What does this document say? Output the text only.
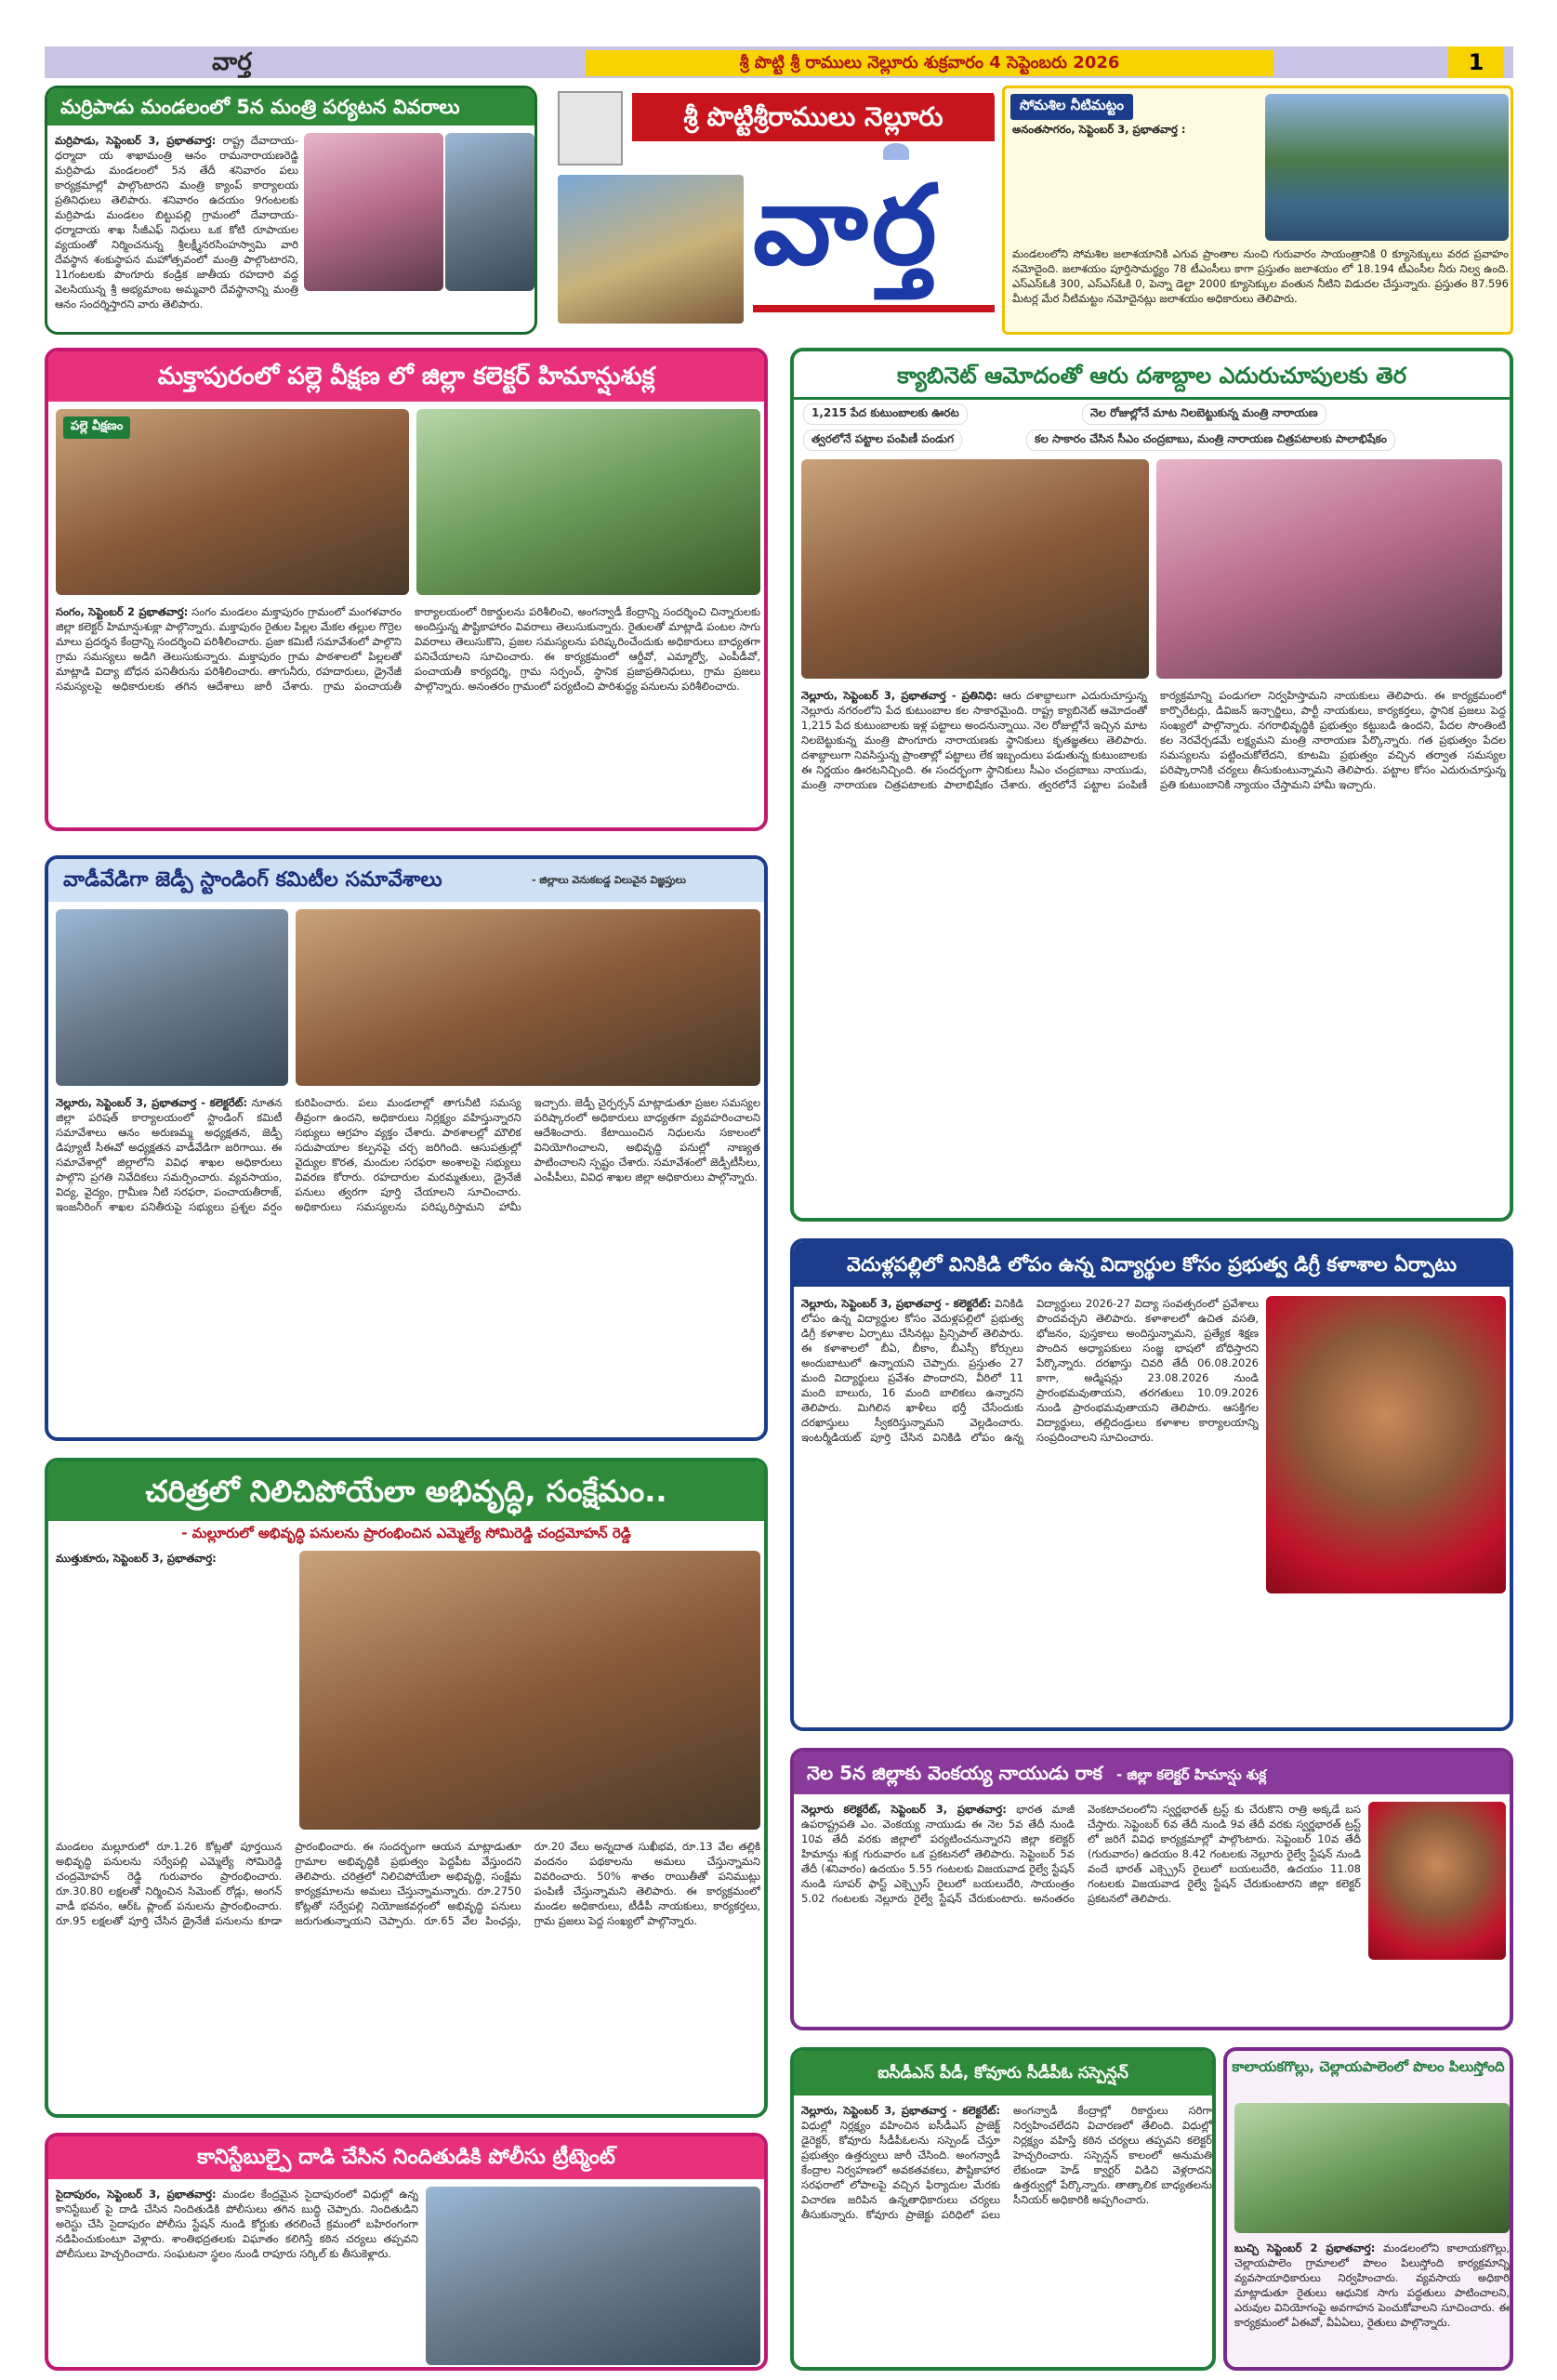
వార్త	శ్రీ పొట్టి శ్రీ రాములు నెల్లూరు శుక్రవారం 4 సెప్టెంబరు 2026	1
మర్రిపాడు మండలంలో 5న మంత్రి పర్యటన వివరాలు
మర్రిపాడు, సెప్టెంబర్ 3, ప్రభాతవార్త: రాష్ట్ర దేవాదాయ- ధర్మాదా య శాఖామంత్రి ఆనం రామనారాయణరెడ్డి మర్రిపాడు మండలంలో 5న తేదీ శనివారం పలు కార్యక్రమాల్లో పాల్గొంటారని మంత్రి క్యాంప్ కార్యాలయ ప్రతినిధులు తెలిపారు. శనివారం ఉదయం 9గంటలకు మర్రిపాడు మండలం బిట్టుపల్లి గ్రామంలో దేవాదాయ-ధర్మాదాయ శాఖ సీజీఎఫ్ నిధులు ఒక కోటి రూపాయల వ్యయంతో నిర్మించనున్న శ్రీలక్ష్మీనరసింహస్వామి వారి దేవస్థాన శంకుస్థాపన మహోత్సవంలో మంత్రి పాల్గొంటారని, 11గంటలకు పొంగూరు కండ్రిక జాతీయ రహదారి వద్ద వెలసియున్న శ్రీ అభ్యమాంబ అమ్మవారి దేవస్థానాన్ని మంత్రి ఆనం సందర్శిస్తారని వారు తెలిపారు.
శ్రీ పొట్టిశ్రీరాములు నెల్లూరు
వార్త
సోమశిల నీటిమట్టం
అనంతసాగరం, సెప్టెంబర్ 3, ప్రభాతవార్త :
మండలంలోని సోమశిల జలాశయానికి ఎగువ ప్రాంతాల నుంచి గురువారం సాయంత్రానికి 0 క్యూసెక్కులు వరద ప్రవాహం నమోదైంది. జలాశయం పూర్తిసామర్థ్యం 78 టీఎంసీలు కాగా ప్రస్తుతం జలాశయం లో 18.194 టీఎంసీల నీరు నిల్వ ఉంది. ఎస్ఎస్ఓకి 300, ఎస్ఎస్ఓకి 0, పెన్నా డెల్టా 2000 క్యూసెక్కుల వంతున నీటిని విడుదల చేస్తున్నారు. ప్రస్తుతం 87.596 మీటర్ల మేర నీటిమట్టం నమోదైనట్లు జలాశయం అధికారులు తెలిపారు.
మక్తాపురంలో పల్లె వీక్షణ లో జిల్లా కలెక్టర్ హిమాన్షుశుక్ల
పల్లె వీక్షణం
సంగం, సెప్టెంబర్ 2 ప్రభాతవార్త: సంగం మండలం మక్తాపురం గ్రామంలో మంగళవారం జిల్లా కలెక్టర్ హిమాన్షుశుక్లా పాల్గొన్నారు. మక్తాపురం రైతుల పిల్లల మేకల తల్లుల గొర్రెల మాలు ప్రదర్శన కేంద్రాన్ని సందర్శించి పరిశీలించారు. ప్రజా కమిటీ సమావేశంలో పాల్గొని గ్రామ సమస్యలు అడిగి తెలుసుకున్నారు. మక్తాపురం గ్రామ పాఠశాలలో పిల్లలతో మాట్లాడి విద్యా బోధన పనితీరును పరిశీలించారు. తాగునీరు, రహదారులు, డ్రైనేజీ సమస్యలపై అధికారులకు తగిన ఆదేశాలు జారీ చేశారు. గ్రామ పంచాయతీ కార్యాలయంలో రికార్డులను పరిశీలించి, అంగన్వాడీ కేంద్రాన్ని సందర్శించి చిన్నారులకు అందిస్తున్న పౌష్టికాహారం వివరాలు తెలుసుకున్నారు. రైతులతో మాట్లాడి పంటల సాగు వివరాలు తెలుసుకొని, ప్రజల సమస్యలను పరిష్కరించేందుకు అధికారులు బాధ్యతగా పనిచేయాలని సూచించారు. ఈ కార్యక్రమంలో ఆర్డీవో, ఎమ్మార్వో, ఎంపీడీవో, పంచాయతీ కార్యదర్శి, గ్రామ సర్పంచ్, స్థానిక ప్రజాప్రతినిధులు, గ్రామ ప్రజలు పాల్గొన్నారు. అనంతరం గ్రామంలో పర్యటించి పారిశుద్ధ్య పనులను పరిశీలించారు.
క్యాబినెట్ ఆమోదంతో ఆరు దశాబ్దాల ఎదురుచూపులకు తెర
1,215 పేద కుటుంబాలకు ఊరట	నెల రోజుల్లోనే మాట నిలబెట్టుకున్న మంత్రి నారాయణ
త్వరలోనే పట్టాల పంపిణీ పండుగ	కల సాకారం చేసిన సీఎం చంద్రబాబు, మంత్రి నారాయణ చిత్రపటాలకు పాలాభిషేకం
నెల్లూరు, సెప్టెంబర్ 3, ప్రభాతవార్త - ప్రతినిధి: ఆరు దశాబ్దాలుగా ఎదురుచూస్తున్న నెల్లూరు నగరంలోని పేద కుటుంబాల కల సాకారమైంది. రాష్ట్ర క్యాబినెట్ ఆమోదంతో 1,215 పేద కుటుంబాలకు ఇళ్ల పట్టాలు అందనున్నాయి. నెల రోజుల్లోనే ఇచ్చిన మాట నిలబెట్టుకున్న మంత్రి పొంగూరు నారాయణకు స్థానికులు కృతజ్ఞతలు తెలిపారు. దశాబ్దాలుగా నివసిస్తున్న ప్రాంతాల్లో పట్టాలు లేక ఇబ్బందులు పడుతున్న కుటుంబాలకు ఈ నిర్ణయం ఊరటనిచ్చింది. ఈ సందర్భంగా స్థానికులు సీఎం చంద్రబాబు నాయుడు, మంత్రి నారాయణ చిత్రపటాలకు పాలాభిషేకం చేశారు. త్వరలోనే పట్టాల పంపిణీ కార్యక్రమాన్ని పండుగలా నిర్వహిస్తామని నాయకులు తెలిపారు. ఈ కార్యక్రమంలో కార్పొరేటర్లు, డివిజన్ ఇన్చార్జిలు, పార్టీ నాయకులు, కార్యకర్తలు, స్థానిక ప్రజలు పెద్ద సంఖ్యలో పాల్గొన్నారు. నగరాభివృద్ధికి ప్రభుత్వం కట్టుబడి ఉందని, పేదల సొంతింటి కల నెరవేర్చడమే లక్ష్యమని మంత్రి నారాయణ పేర్కొన్నారు. గత ప్రభుత్వం పేదల సమస్యలను పట్టించుకోలేదని, కూటమి ప్రభుత్వం వచ్చిన తర్వాత సమస్యల పరిష్కారానికి చర్యలు తీసుకుంటున్నామని తెలిపారు. పట్టాల కోసం ఎదురుచూస్తున్న ప్రతి కుటుంబానికి న్యాయం చేస్తామని హామీ ఇచ్చారు.
వాడీవేడిగా జెడ్పీ స్టాండింగ్ కమిటీల సమావేశాలు	- జిల్లాలు వెనుకబడ్డ విలువైన విజ్ఞప్తులు
నెల్లూరు, సెప్టెంబర్ 3, ప్రభాతవార్త - కలెక్టరేట్: నూతన జిల్లా పరిషత్ కార్యాలయంలో స్టాండింగ్ కమిటీ సమావేశాలు ఆనం అరుణమ్మ అధ్యక్షతన, జెడ్పీ డిప్యూటీ సీఈవో అధ్యక్షతన వాడీవేడిగా జరిగాయి. ఈ సమావేశాల్లో జిల్లాలోని వివిధ శాఖల అధికారులు పాల్గొని ప్రగతి నివేదికలు సమర్పించారు. వ్యవసాయం, విద్య, వైద్యం, గ్రామీణ నీటి సరఫరా, పంచాయతీరాజ్, ఇంజనీరింగ్ శాఖల పనితీరుపై సభ్యులు ప్రశ్నల వర్షం కురిపించారు. పలు మండలాల్లో తాగునీటి సమస్య తీవ్రంగా ఉందని, అధికారులు నిర్లక్ష్యం వహిస్తున్నారని సభ్యులు ఆగ్రహం వ్యక్తం చేశారు. పాఠశాలల్లో మౌలిక సదుపాయాల కల్పనపై చర్చ జరిగింది. ఆసుపత్రుల్లో వైద్యుల కొరత, మందుల సరఫరా అంశాలపై సభ్యులు వివరణ కోరారు. రహదారుల మరమ్మతులు, డ్రైనేజీ పనులు త్వరగా పూర్తి చేయాలని సూచించారు. అధికారులు సమస్యలను పరిష్కరిస్తామని హామీ ఇచ్చారు. జెడ్పీ చైర్పర్సన్ మాట్లాడుతూ ప్రజల సమస్యల పరిష్కారంలో అధికారులు బాధ్యతగా వ్యవహరించాలని ఆదేశించారు. కేటాయించిన నిధులను సకాలంలో వినియోగించాలని, అభివృద్ధి పనుల్లో నాణ్యత పాటించాలని స్పష్టం చేశారు. సమావేశంలో జెడ్పీటీసీలు, ఎంపీపీలు, వివిధ శాఖల జిల్లా అధికారులు పాల్గొన్నారు.
వెదుళ్లపల్లిలో వినికిడి లోపం ఉన్న విద్యార్థుల కోసం ప్రభుత్వ డిగ్రీ కళాశాల ఏర్పాటు
నెల్లూరు, సెప్టెంబర్ 3, ప్రభాతవార్త - కలెక్టరేట్: వినికిడి లోపం ఉన్న విద్యార్థుల కోసం వెదుళ్లపల్లిలో ప్రభుత్వ డిగ్రీ కళాశాల ఏర్పాటు చేసినట్లు ప్రిన్సిపాల్ తెలిపారు. ఈ కళాశాలలో బీఏ, బీకాం, బీఎస్సీ కోర్సులు అందుబాటులో ఉన్నాయని చెప్పారు. ప్రస్తుతం 27 మంది విద్యార్థులు ప్రవేశం పొందారని, వీరిలో 11 మంది బాలురు, 16 మంది బాలికలు ఉన్నారని తెలిపారు. మిగిలిన ఖాళీలు భర్తీ చేసేందుకు దరఖాస్తులు స్వీకరిస్తున్నామని వెల్లడించారు. ఇంటర్మీడియట్ పూర్తి చేసిన వినికిడి లోపం ఉన్న విద్యార్థులు 2026-27 విద్యా సంవత్సరంలో ప్రవేశాలు పొందవచ్చని తెలిపారు. కళాశాలలో ఉచిత వసతి, భోజనం, పుస్తకాలు అందిస్తున్నామని, ప్రత్యేక శిక్షణ పొందిన అధ్యాపకులు సంజ్ఞ భాషలో బోధిస్తారని పేర్కొన్నారు. దరఖాస్తు చివరి తేదీ 06.08.2026 కాగా, అడ్మిషన్లు 23.08.2026 నుండి ప్రారంభమవుతాయని, తరగతులు 10.09.2026 నుండి ప్రారంభమవుతాయని తెలిపారు. ఆసక్తిగల విద్యార్థులు, తల్లిదండ్రులు కళాశాల కార్యాలయాన్ని సంప్రదించాలని సూచించారు.
చరిత్రలో నిలిచిపోయేలా అభివృద్ధి, సంక్షేమం..
- మల్లూరులో అభివృద్ధి పనులను ప్రారంభించిన ఎమ్మెల్యే సోమిరెడ్డి చంద్రమోహన్ రెడ్డి
ముత్తుకూరు, సెప్టెంబర్ 3, ప్రభాతవార్త:
మండలం మల్లూరులో రూ.1.26 కోట్లతో పూర్తయిన అభివృద్ధి పనులను సర్వేపల్లి ఎమ్మెల్యే సోమిరెడ్డి చంద్రమోహన్ రెడ్డి గురువారం ప్రారంభించారు. రూ.30.80 లక్షలతో నిర్మించిన సిమెంట్ రోడ్లు, అంగన్ వాడీ భవనం, ఆర్ఓ ప్లాంట్ పనులను ప్రారంభించారు. రూ.95 లక్షలతో పూర్తి చేసిన డ్రైనేజీ పనులను కూడా ప్రారంభించారు. ఈ సందర్భంగా ఆయన మాట్లాడుతూ గ్రామాల అభివృద్ధికి ప్రభుత్వం పెద్దపీట వేస్తుందని తెలిపారు. చరిత్రలో నిలిచిపోయేలా అభివృద్ధి, సంక్షేమ కార్యక్రమాలను అమలు చేస్తున్నామన్నారు. రూ.2750 కోట్లతో సర్వేపల్లి నియోజకవర్గంలో అభివృద్ధి పనులు జరుగుతున్నాయని చెప్పారు. రూ.65 వేల పింఛన్లు, రూ.20 వేలు అన్నదాత సుఖీభవ, రూ.13 వేల తల్లికి వందనం పథకాలను అమలు చేస్తున్నామని వివరించారు. 50% శాతం రాయితీతో పనిముట్లు పంపిణీ చేస్తున్నామని తెలిపారు. ఈ కార్యక్రమంలో మండల అధికారులు, టీడీపీ నాయకులు, కార్యకర్తలు, గ్రామ ప్రజలు పెద్ద సంఖ్యలో పాల్గొన్నారు.
నెల 5న జిల్లాకు వెంకయ్య నాయుడు రాక - జిల్లా కలెక్టర్ హిమాన్షు శుక్ల
నెల్లూరు కలెక్టరేట్, సెప్టెంబర్ 3, ప్రభాతవార్త: భారత మాజీ ఉపరాష్ట్రపతి ఎం. వెంకయ్య నాయుడు ఈ నెల 5వ తేదీ నుండి 10వ తేదీ వరకు జిల్లాలో పర్యటించనున్నారని జిల్లా కలెక్టర్ హిమాన్షు శుక్ల గురువారం ఒక ప్రకటనలో తెలిపారు. సెప్టెంబర్ 5వ తేదీ (శనివారం) ఉదయం 5.55 గంటలకు విజయవాడ రైల్వే స్టేషన్ నుండి సూపర్ ఫాస్ట్ ఎక్స్ప్రెస్ రైలులో బయలుదేరి, సాయంత్రం 5.02 గంటలకు నెల్లూరు రైల్వే స్టేషన్ చేరుకుంటారు. అనంతరం వెంకటాచలంలోని స్వర్ణభారత్ ట్రస్ట్ కు చేరుకొని రాత్రి అక్కడే బస చేస్తారు. సెప్టెంబర్ 6వ తేదీ నుండి 9వ తేదీ వరకు స్వర్ణభారత్ ట్రస్ట్ లో జరిగే వివిధ కార్యక్రమాల్లో పాల్గొంటారు. సెప్టెంబర్ 10వ తేదీ (గురువారం) ఉదయం 8.42 గంటలకు నెల్లూరు రైల్వే స్టేషన్ నుండి వందే భారత్ ఎక్స్ప్రెస్ రైలులో బయలుదేరి, ఉదయం 11.08 గంటలకు విజయవాడ రైల్వే స్టేషన్ చేరుకుంటారని జిల్లా కలెక్టర్ ప్రకటనలో తెలిపారు.
ఐసీడీఎస్ పీడీ, కోవూరు సీడీపీఓ సస్పెన్షన్
నెల్లూరు, సెప్టెంబర్ 3, ప్రభాతవార్త - కలెక్టరేట్: విధుల్లో నిర్లక్ష్యం వహించిన ఐసీడీఎస్ ప్రాజెక్ట్ డైరెక్టర్, కోవూరు సీడీపీఓలను సస్పెండ్ చేస్తూ ప్రభుత్వం ఉత్తర్వులు జారీ చేసింది. అంగన్వాడీ కేంద్రాల నిర్వహణలో అవకతవకలు, పౌష్టికాహార సరఫరాలో లోపాలపై వచ్చిన ఫిర్యాదుల మేరకు విచారణ జరిపిన ఉన్నతాధికారులు చర్యలు తీసుకున్నారు. కోవూరు ప్రాజెక్టు పరిధిలో పలు అంగన్వాడీ కేంద్రాల్లో రికార్డులు సరిగా నిర్వహించలేదని విచారణలో తేలింది. విధుల్లో నిర్లక్ష్యం వహిస్తే కఠిన చర్యలు తప్పవని కలెక్టర్ హెచ్చరించారు. సస్పెన్షన్ కాలంలో అనుమతి లేకుండా హెడ్ క్వార్టర్ విడిచి వెళ్లరాదని ఉత్తర్వుల్లో పేర్కొన్నారు. తాత్కాలిక బాధ్యతలను సీనియర్ అధికారికి అప్పగించారు.
కాలాయకగొల్లు, చెల్లాయపాలెంలో పొలం పిలుస్తోంది
బుచ్చి సెప్టెంబర్ 2 ప్రభాతవార్త: మండలంలోని కాలాయకగొల్లు, చెల్లాయపాలెం గ్రామాలలో పొలం పిలుస్తోంది కార్యక్రమాన్ని వ్యవసాయాధికారులు నిర్వహించారు. వ్యవసాయ అధికారి మాట్లాడుతూ రైతులు ఆధునిక సాగు పద్ధతులు పాటించాలని, ఎరువుల వినియోగంపై అవగాహన పెంచుకోవాలని సూచించారు. ఈ కార్యక్రమంలో ఏఈవో, వీఏఏలు, రైతులు పాల్గొన్నారు.
కానిస్టేబుల్పై దాడి చేసిన నిందితుడికి పోలీసు ట్రీట్మెంట్
సైదాపురం, సెప్టెంబర్ 3, ప్రభాతవార్త: మండల కేంద్రమైన సైదాపురంలో విధుల్లో ఉన్న కానిస్టేబుల్ పై దాడి చేసిన నిందితుడికి పోలీసులు తగిన బుద్ధి చెప్పారు. నిందితుడిని అరెస్టు చేసి సైదాపురం పోలీసు స్టేషన్ నుండి కోర్టుకు తరలించే క్రమంలో బహిరంగంగా నడిపించుకుంటూ వెళ్లారు. శాంతిభద్రతలకు విఘాతం కలిగిస్తే కఠిన చర్యలు తప్పవని పోలీసులు హెచ్చరించారు. సంఘటనా స్థలం నుండి రాపూరు సర్కిల్ కు తీసుకెళ్లారు.
